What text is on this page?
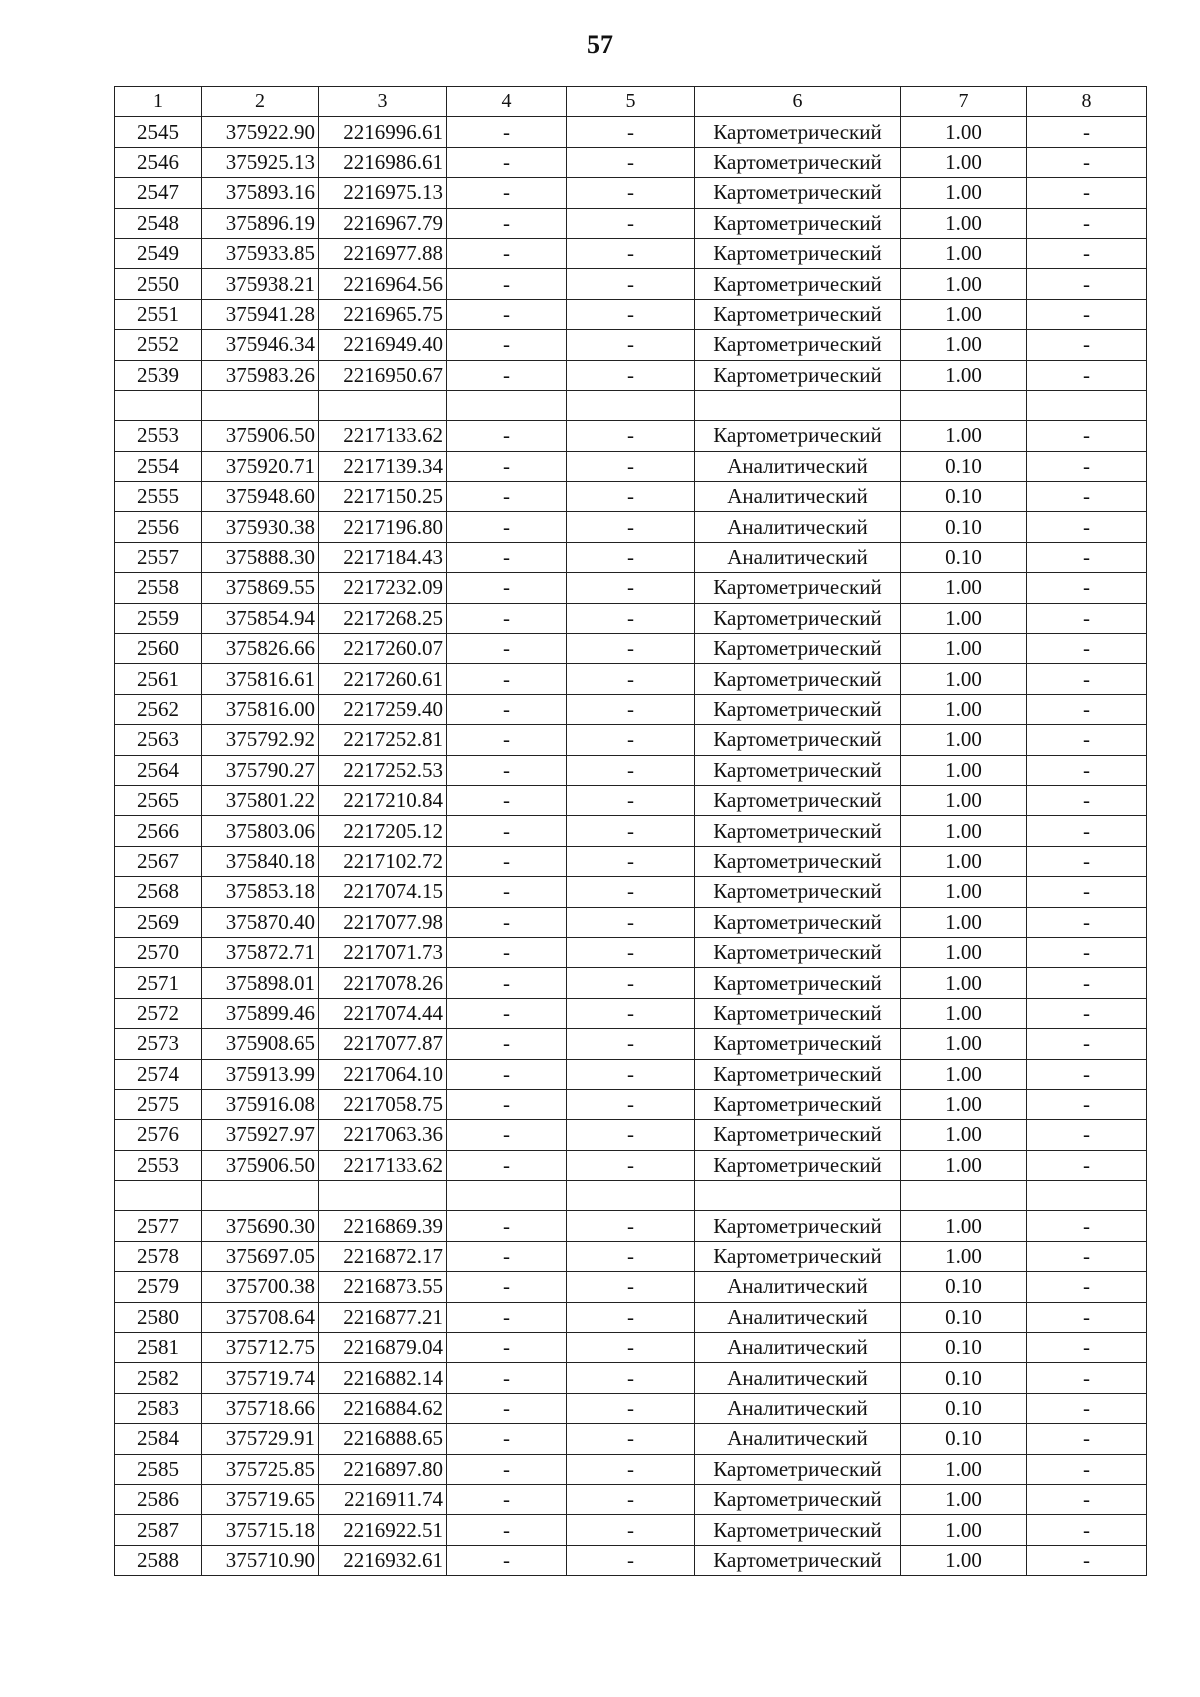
57
1	2	3	4	5	6	7	8
2545	375922.90	2216996.61	-	-	Картометрический	1.00	-
2546	375925.13	2216986.61	-	-	Картометрический	1.00	-
2547	375893.16	2216975.13	-	-	Картометрический	1.00	-
2548	375896.19	2216967.79	-	-	Картометрический	1.00	-
2549	375933.85	2216977.88	-	-	Картометрический	1.00	-
2550	375938.21	2216964.56	-	-	Картометрический	1.00	-
2551	375941.28	2216965.75	-	-	Картометрический	1.00	-
2552	375946.34	2216949.40	-	-	Картометрический	1.00	-
2539	375983.26	2216950.67	-	-	Картометрический	1.00	-

2553	375906.50	2217133.62	-	-	Картометрический	1.00	-
2554	375920.71	2217139.34	-	-	Аналитический	0.10	-
2555	375948.60	2217150.25	-	-	Аналитический	0.10	-
2556	375930.38	2217196.80	-	-	Аналитический	0.10	-
2557	375888.30	2217184.43	-	-	Аналитический	0.10	-
2558	375869.55	2217232.09	-	-	Картометрический	1.00	-
2559	375854.94	2217268.25	-	-	Картометрический	1.00	-
2560	375826.66	2217260.07	-	-	Картометрический	1.00	-
2561	375816.61	2217260.61	-	-	Картометрический	1.00	-
2562	375816.00	2217259.40	-	-	Картометрический	1.00	-
2563	375792.92	2217252.81	-	-	Картометрический	1.00	-
2564	375790.27	2217252.53	-	-	Картометрический	1.00	-
2565	375801.22	2217210.84	-	-	Картометрический	1.00	-
2566	375803.06	2217205.12	-	-	Картометрический	1.00	-
2567	375840.18	2217102.72	-	-	Картометрический	1.00	-
2568	375853.18	2217074.15	-	-	Картометрический	1.00	-
2569	375870.40	2217077.98	-	-	Картометрический	1.00	-
2570	375872.71	2217071.73	-	-	Картометрический	1.00	-
2571	375898.01	2217078.26	-	-	Картометрический	1.00	-
2572	375899.46	2217074.44	-	-	Картометрический	1.00	-
2573	375908.65	2217077.87	-	-	Картометрический	1.00	-
2574	375913.99	2217064.10	-	-	Картометрический	1.00	-
2575	375916.08	2217058.75	-	-	Картометрический	1.00	-
2576	375927.97	2217063.36	-	-	Картометрический	1.00	-
2553	375906.50	2217133.62	-	-	Картометрический	1.00	-

2577	375690.30	2216869.39	-	-	Картометрический	1.00	-
2578	375697.05	2216872.17	-	-	Картометрический	1.00	-
2579	375700.38	2216873.55	-	-	Аналитический	0.10	-
2580	375708.64	2216877.21	-	-	Аналитический	0.10	-
2581	375712.75	2216879.04	-	-	Аналитический	0.10	-
2582	375719.74	2216882.14	-	-	Аналитический	0.10	-
2583	375718.66	2216884.62	-	-	Аналитический	0.10	-
2584	375729.91	2216888.65	-	-	Аналитический	0.10	-
2585	375725.85	2216897.80	-	-	Картометрический	1.00	-
2586	375719.65	2216911.74	-	-	Картометрический	1.00	-
2587	375715.18	2216922.51	-	-	Картометрический	1.00	-
2588	375710.90	2216932.61	-	-	Картометрический	1.00	-
